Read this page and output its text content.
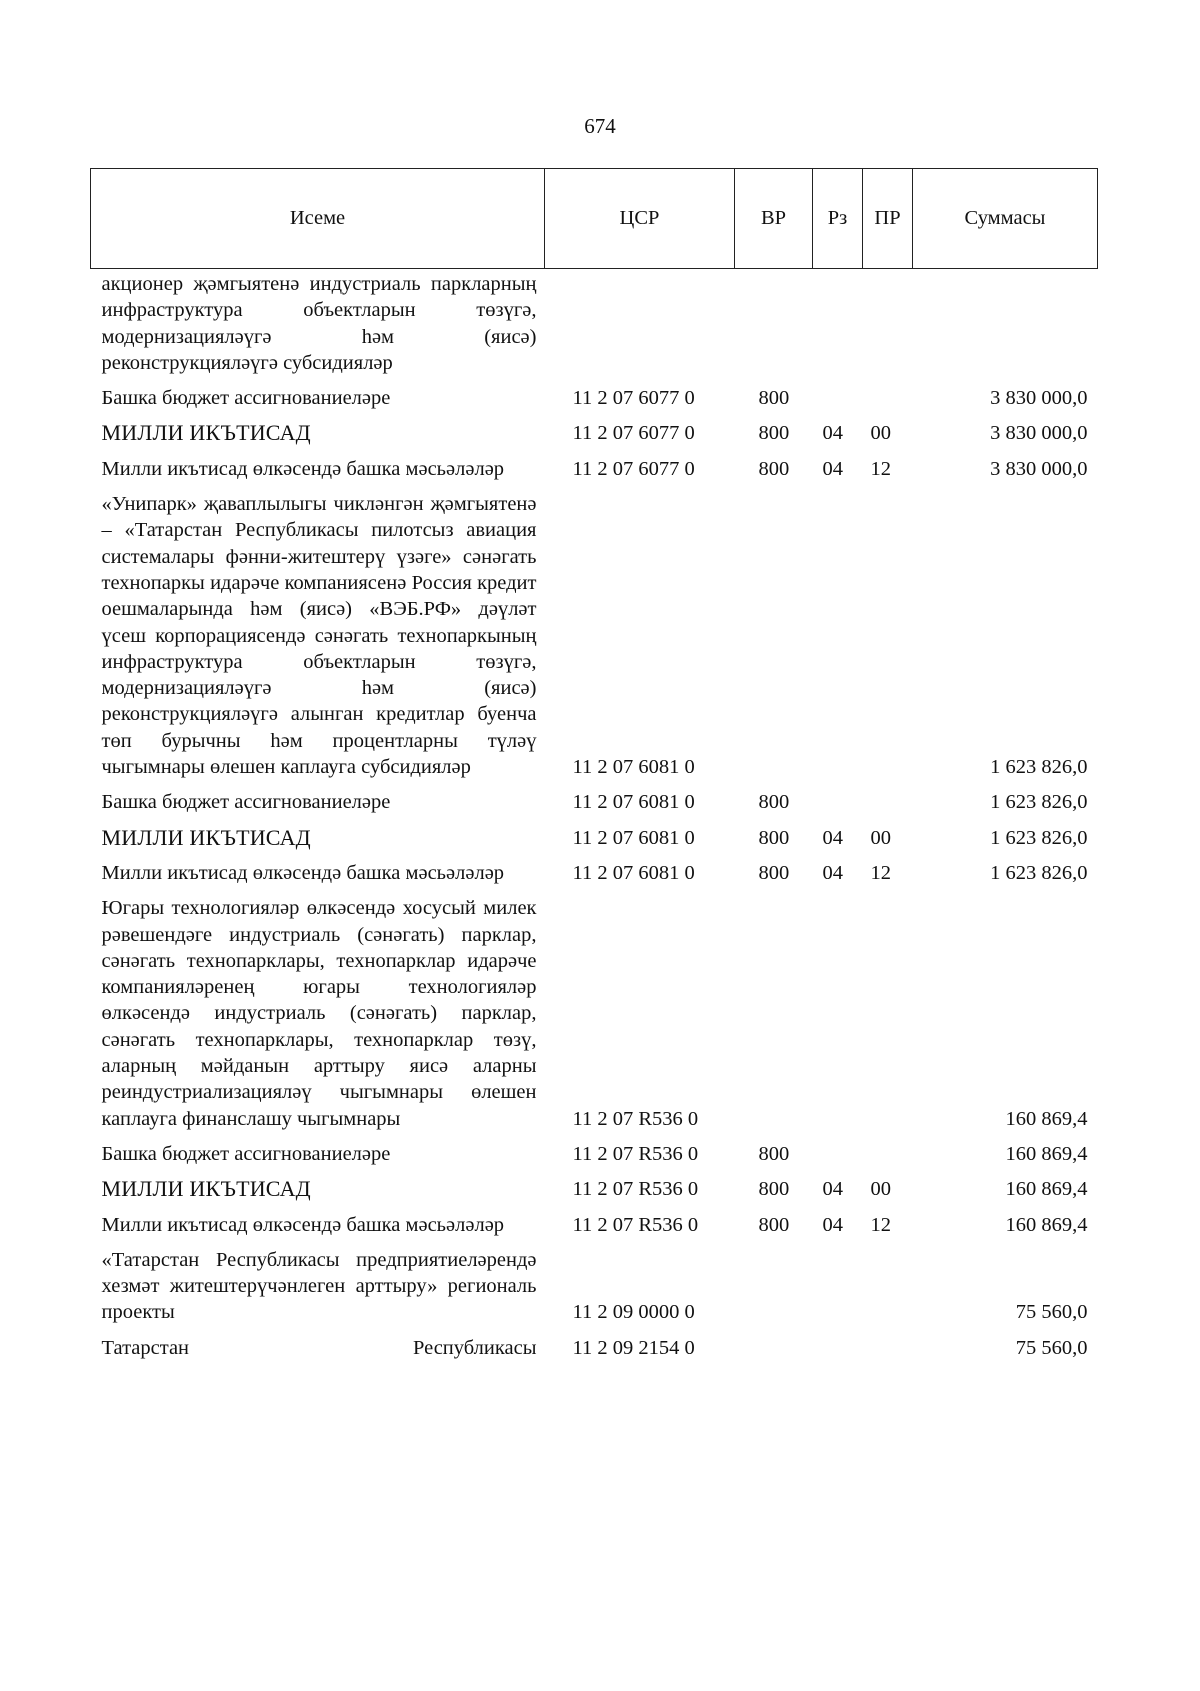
674
Исеме	ЦСР	ВР	Рз	ПР	Суммасы
акционер җәмгыятенә индустриаль паркларның инфраструктура объектларын төзүгә, модернизацияләүгә һәм (яисә) реконструкцияләүгә субсидияләр					
Башка бюджет ассигнованиеләре	11 2 07 6077 0	800			3 830 000,0
МИЛЛИ ИКЪТИСАД	11 2 07 6077 0	800	04	00	3 830 000,0
Милли икътисад өлкәсендә башка мәсьәләләр	11 2 07 6077 0	800	04	12	3 830 000,0
«Унипарк» җаваплылыгы чикләнгән җәмгыятенә – «Татарстан Республикасы пилотсыз авиация системалары фәнни-житештерү үзәге» сәнәгать технопаркы идарәче компаниясенә Россия кредит оешмаларында һәм (яисә) «ВЭБ.РФ» дәүләт үсеш корпорациясендә сәнәгать технопаркының инфраструктура объектларын төзүгә, модернизацияләүгә һәм (яисә) реконструкцияләүгә алынган кредитлар буенча төп бурычны һәм процентларны түләү чыгымнары өлешен каплауга субсидияләр	11 2 07 6081 0				1 623 826,0
Башка бюджет ассигнованиеләре	11 2 07 6081 0	800			1 623 826,0
МИЛЛИ ИКЪТИСАД	11 2 07 6081 0	800	04	00	1 623 826,0
Милли икътисад өлкәсендә башка мәсьәләләр	11 2 07 6081 0	800	04	12	1 623 826,0
Югары технологияләр өлкәсендә хосусый милек рәвешендәге индустриаль (сәнәгать) парклар, сәнәгать технопарклары, технопарклар идарәче компанияләренең югары технологияләр өлкәсендә индустриаль (сәнәгать) парклар, сәнәгать технопарклары, технопарклар төзү, аларның мәйданын арттыру яисә аларны реиндустриализацияләү чыгымнары өлешен каплауга финанслашу чыгымнары	11 2 07 R536 0				160 869,4
Башка бюджет ассигнованиеләре	11 2 07 R536 0	800			160 869,4
МИЛЛИ ИКЪТИСАД	11 2 07 R536 0	800	04	00	160 869,4
Милли икътисад өлкәсендә башка мәсьәләләр	11 2 07 R536 0	800	04	12	160 869,4
«Татарстан Республикасы предприятиеләрендә хезмәт житештерүчәнлеген арттыру» региональ проекты	11 2 09 0000 0				75 560,0
Татарстан Республикасы	11 2 09 2154 0				75 560,0
